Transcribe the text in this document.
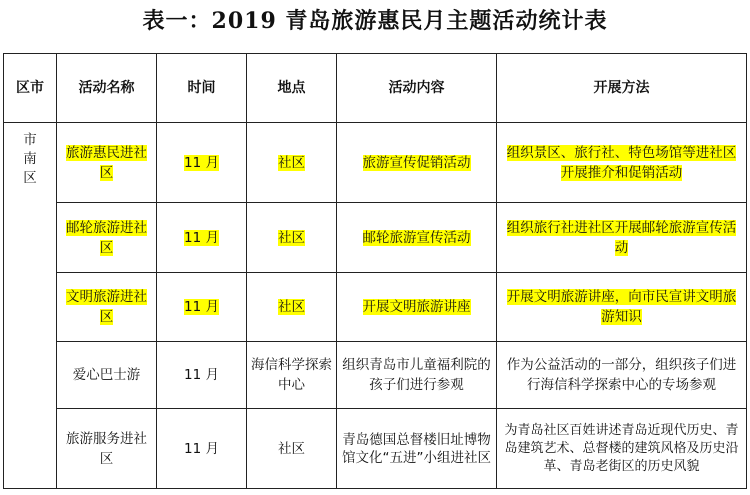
表一：2019 青岛旅游惠民月主题活动统计表
区市	活动名称	时间	地点	活动内容	开展方法

市南区	旅游惠民进社区	11 月	社区	旅游宣传促销活动	组织景区、旅行社、特色场馆等进社区开展推介和促销活动
	邮轮旅游进社区	11 月	社区	邮轮旅游宣传活动	组织旅行社进社区开展邮轮旅游宣传活动
	文明旅游进社区	11 月	社区	开展文明旅游讲座	开展文明旅游讲座，向市民宣讲文明旅游知识
	爱心巴士游	11 月	海信科学探索中心	组织青岛市儿童福利院的孩子们进行参观	作为公益活动的一部分，组织孩子们进行海信科学探索中心的专场参观
	旅游服务进社区	11 月	社区	青岛德国总督楼旧址博物馆文化“五进”小组进社区	为青岛社区百姓讲述青岛近现代历史、青岛建筑艺术、总督楼的建筑风格及历史沿革、青岛老街区的历史风貌
